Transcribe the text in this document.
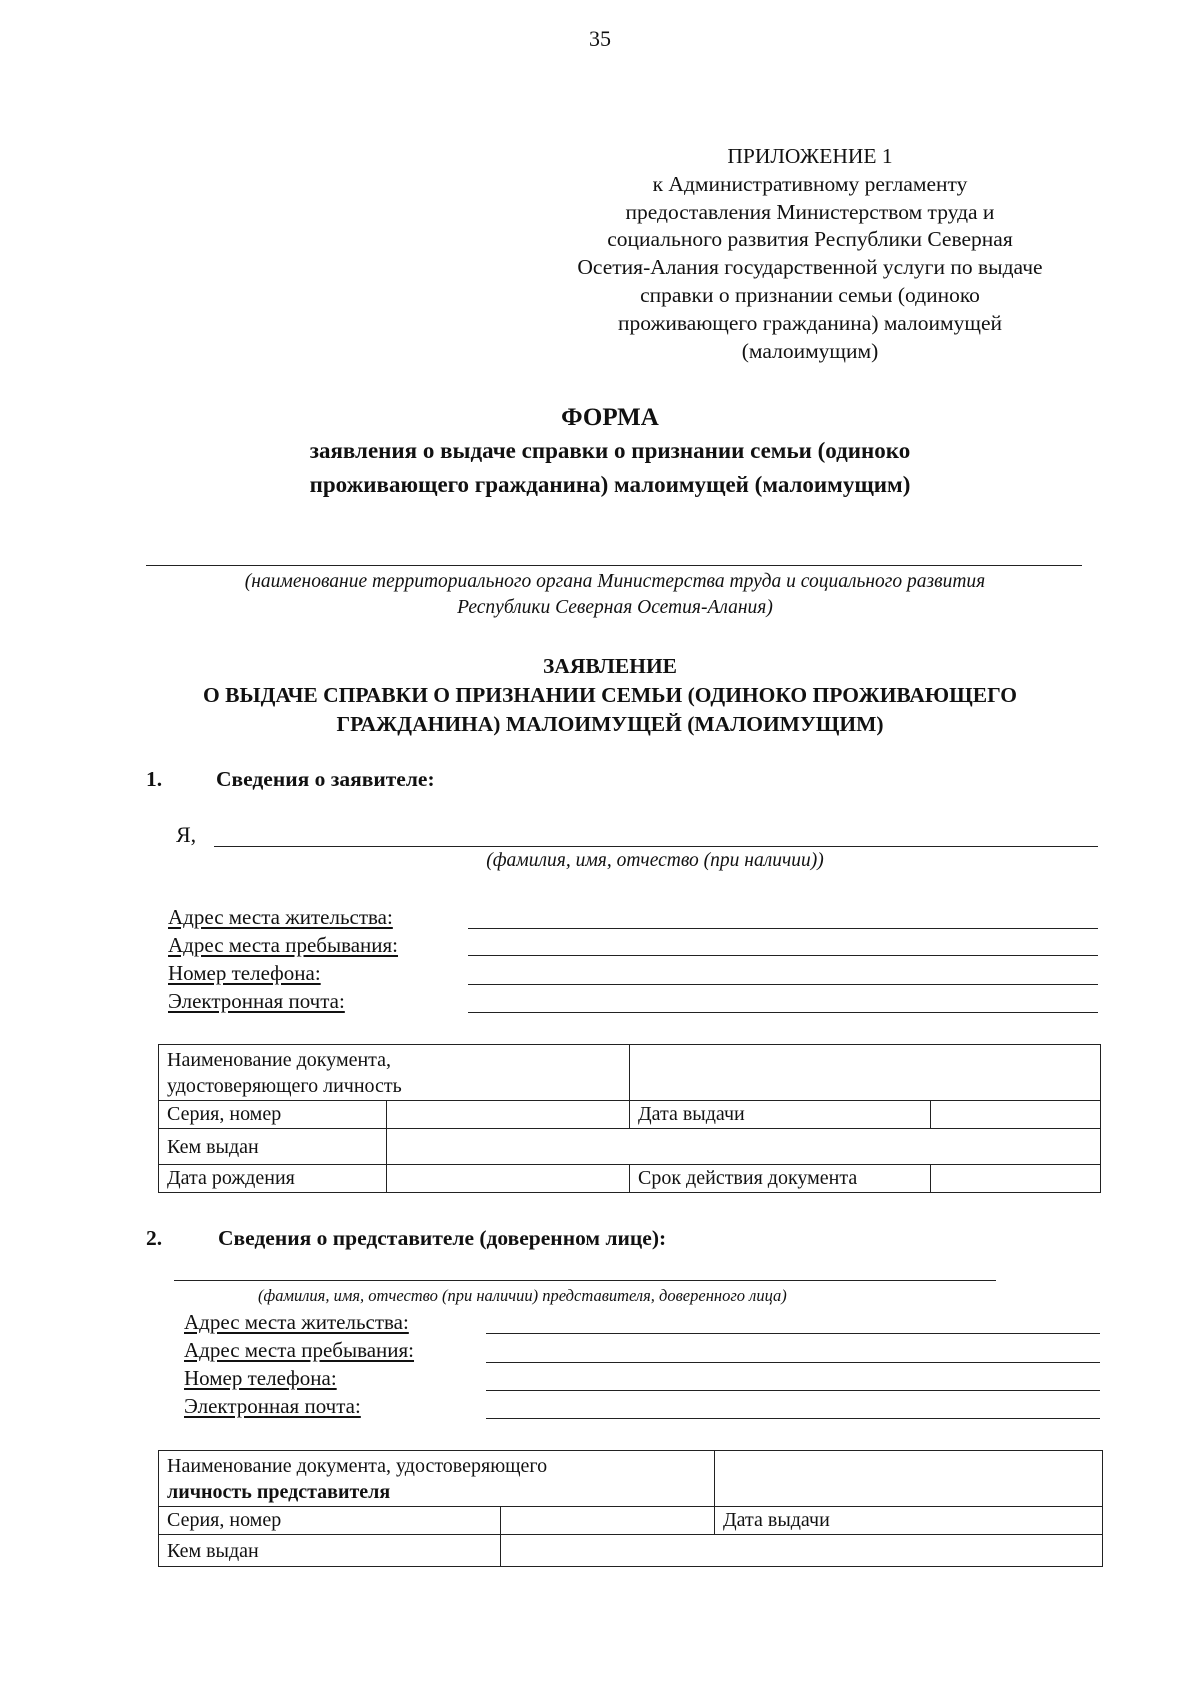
35
ПРИЛОЖЕНИЕ 1
к Административному регламенту
предоставления Министерством труда и
социального развития Республики Северная
Осетия-Алания государственной услуги по выдаче
справки о признании семьи (одиноко
проживающего гражданина) малоимущей
(малоимущим)
ФОРМА
заявления о выдаче справки о признании семьи (одиноко
проживающего гражданина) малоимущей (малоимущим)
(наименование территориального органа Министерства труда и социального развития
Республики Северная Осетия-Алания)
ЗАЯВЛЕНИЕ
О ВЫДАЧЕ СПРАВКИ О ПРИЗНАНИИ СЕМЬИ (ОДИНОКО ПРОЖИВАЮЩЕГО
ГРАЖДАНИНА) МАЛОИМУЩЕЙ (МАЛОИМУЩИМ)
1.	Сведения о заявителе:
Я,
(фамилия, имя, отчество (при наличии))
Адрес места жительства:
Адрес места пребывания:
Номер телефона:
Электронная почта:
Наименование документа,
удостоверяющего личность			

Серия, номер		Дата выдачи	
Кем выдан			
Дата рождения		Срок действия документа	
2.	Сведения о представителе (доверенном лице):
(фамилия, имя, отчество (при наличии) представителя, доверенного лица)
Адрес места жительства:
Адрес места пребывания:
Номер телефона:
Электронная почта:
Наименование документа, удостоверяющего
личность представителя		

Серия, номер		Дата выдачи
Кем выдан		
